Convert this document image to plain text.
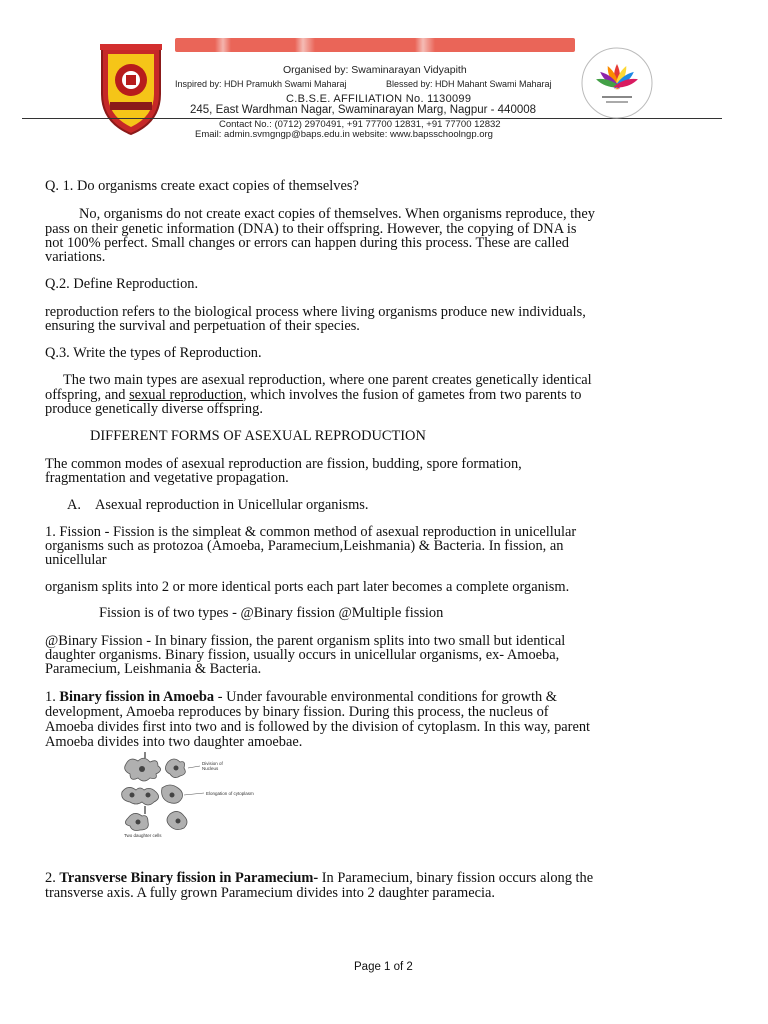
Organised by: Swaminarayan Vidyapith
Inspired by: HDH Pramukh Swami Maharaj	Blessed by: HDH Mahant Swami Maharaj
C.B.S.E. AFFILIATION No. 1130099
245, East Wardhman Nagar, Swaminarayan Marg, Nagpur - 440008
Contact No.: (0712) 2970491, +91 77700 12831, +91 77700 12832
Email: admin.svmgngp@baps.edu.in website: www.bapsschoolngp.org
Q. 1. Do organisms create exact copies of themselves?
No, organisms do not create exact copies of themselves. When organisms reproduce, they
pass on their genetic information (DNA) to their offspring. However, the copying of DNA is
not 100% perfect. Small changes or errors can happen during this process. These are called
variations.
Q.2. Define Reproduction.
reproduction refers to the biological process where living organisms produce new individuals,
ensuring the survival and perpetuation of their species.
Q.3. Write the types of Reproduction.
The two main types are asexual reproduction, where one parent creates genetically identical
offspring, and sexual reproduction, which involves the fusion of gametes from two parents to
produce genetically diverse offspring.
DIFFERENT FORMS OF ASEXUAL REPRODUCTION
The common modes of asexual reproduction are fission, budding, spore formation,
fragmentation and vegetative propagation.
A. Asexual reproduction in Unicellular organisms.
1. Fission - Fission is the simpleat & common method of asexual reproduction in unicellular
organisms such as protozoa (Amoeba, Paramecium,Leishmania) & Bacteria. In fission, an
unicellular
organism splits into 2 or more identical ports each part later becomes a complete organism.
Fission is of two types - @Binary fission @Multiple fission
@Binary Fission - In binary fission, the parent organism splits into two small but identical
daughter organisms. Binary fission, usually occurs in unicellular organisms, ex- Amoeba,
Paramecium, Leishmania & Bacteria.
1. Binary fission in Amoeba - Under favourable environmental conditions for growth &
development, Amoeba reproduces by binary fission. During this process, the nucleus of
Amoeba divides first into two and is followed by the division of cytoplasm. In this way, parent
Amoeba divides into two daughter amoebae.
Division of
Nucleus
Elongation of cytoplasm
Two daughter cells
2. Transverse Binary fission in Paramecium- In Paramecium, binary fission occurs along the
transverse axis. A fully grown Paramecium divides into 2 daughter paramecia.
Page 1 of 2
